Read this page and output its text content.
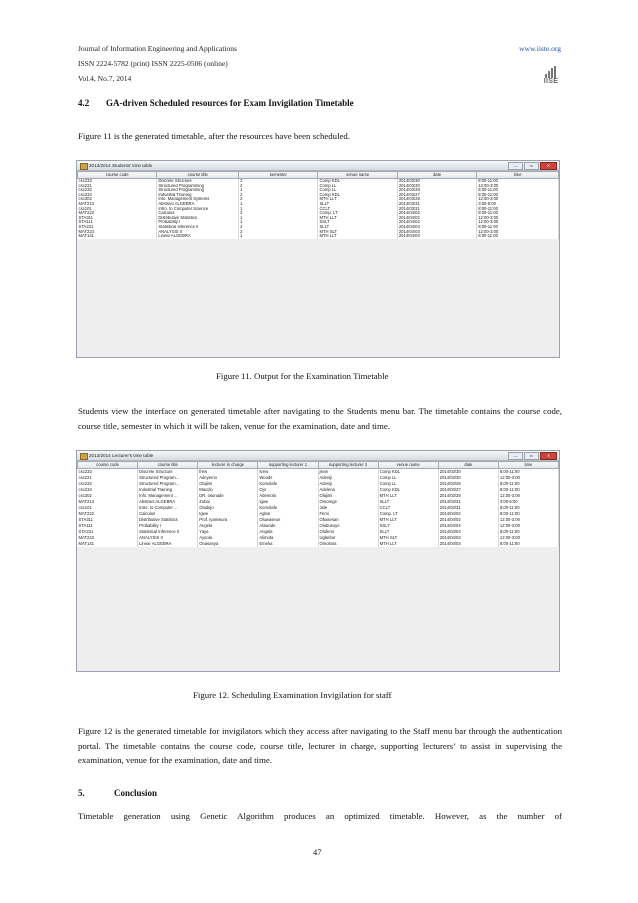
Journal of Information Engineering and Applications
ISSN 2224-5782 (print) ISSN 2225-0506 (online)
Vol.4, No.7, 2014
www.iiste.org
IISE
4.2 GA-driven Scheduled resources for Exam Invigilation Timetable
Figure 11 is the generated timetable, after the resources have been scheduled.
2013/2014 Students' time table	—	▭	✕
course code	course title	semester	venue name	date	time
csc233	Discrete Structure	2	Comp KDL	2014/03/30	8:00-11:00
csc221	Structured Programming	2	Comp LL	2014/03/30	12:00-3:00
csc232	Structured Programming	1	Comp LL	2014/03/28	8:00-11:00
csc234	Industrial Training	2	Comp KDL	2014/03/27	8:00-11:00
csc302	Info. Management Systems	2	MTH LLT	2014/03/28	12:00-3:00
MAT213	Abstract ALGEBRA	1	SLLT	2014/03/31	3:00-6:00
csc101	Intro. to Computer Science	1	CCLT	2014/03/31	8:00-11:00
MAT222	Calculus	2	Comp. LT	2014/04/02	8:00-11:00
STA311	Distributive Statistics	1	MTH LLT	2014/04/02	12:00-3:00
STA111	Probability I	1	SSLT	2014/04/04	12:00-3:00
STA231	Statistical Inference II	2	SLLT	2014/04/04	8:00-11:00
MAT223	ANALYSIS II	2	MTH SLT	2014/04/03	12:00-3:00
MAT141	Linear ALGEBRA	1	MTH LLT	2014/04/03	8:00-11:00
Figure 11. Output for the Examination Timetable
Students view the interface on generated timetable after navigating to the Students menu bar. The timetable contains the course code, course title, semester in which it will be taken, venue for the examination, date and time.
2013/2014 Lecturer's time table	—	▭	✕
course code	course title	lecturer in charge	supporting lecturer 1	supporting lecturer 2	venue name	date	time
csc233	Discrete Structure	frew	srew	jsew	Comp KDL	2014/03/30	8:00-11:00
csc221	Structured Program...	Adeyemo	Woods	Adeniji	Comp LL	2014/03/30	12:00-3:00
csc232	Structured Program...	Olajimi	Komolafe	Adeniji	Comp LL	2014/03/28	8:00-11:00
csc234	Industrial Training	Macolo	Ojo	Adelena	Comp KDL	2014/03/27	8:00-11:00
csc302	Info. Management ...	DR. osunade	Ademola	Olajimi	MTH LLT	2014/03/28	12:00-3:00
MAT213	Abstract ALGEBRA	Zubai	Igwe	Omorege	SLLT	2014/03/31	3:00-6:00
csc101	Intro. to Computer ...	Oladejo	Komolafe	Jide	CCLT	2014/03/31	8:00-11:00
MAT222	Calculus	Igwe	Agbor	Femi	Comp. LT	2014/04/02	8:00-11:00
STA311	Distributive Statistics	Prof. Iyaniwura	Oluwaseun	Obasesan	MTH LLT	2014/04/02	12:00-3:00
STA111	Probability I	Angela	Alawode	Olubusoye	SSLT	2014/04/04	12:00-3:00
STA231	Statistical Inference II	Yaya	Angela	Olufemi	SLLT	2014/04/04	8:00-11:00
MAT223	ANALYSIS II	Ayoola	Alimota	Ugbebor	MTH SLT	2014/04/03	12:00-3:00
MAT141	Linear ALGEBRA	Onasanya	Emeka	Omolona	MTH LLT	2014/04/03	8:00-11:00
Figure 12. Scheduling Examination Invigilation for staff
Figure 12 is the generated timetable for invigilators which they access after navigating to the Staff menu bar through the authentication portal. The timetable contains the course code, course title, lecturer in charge, supporting lecturers’ to assist in supervising the examination, venue for the examination, date and time.
5.	Conclusion
Timetable generation using Genetic Algorithm produces an optimized timetable. However, as the number of
47
